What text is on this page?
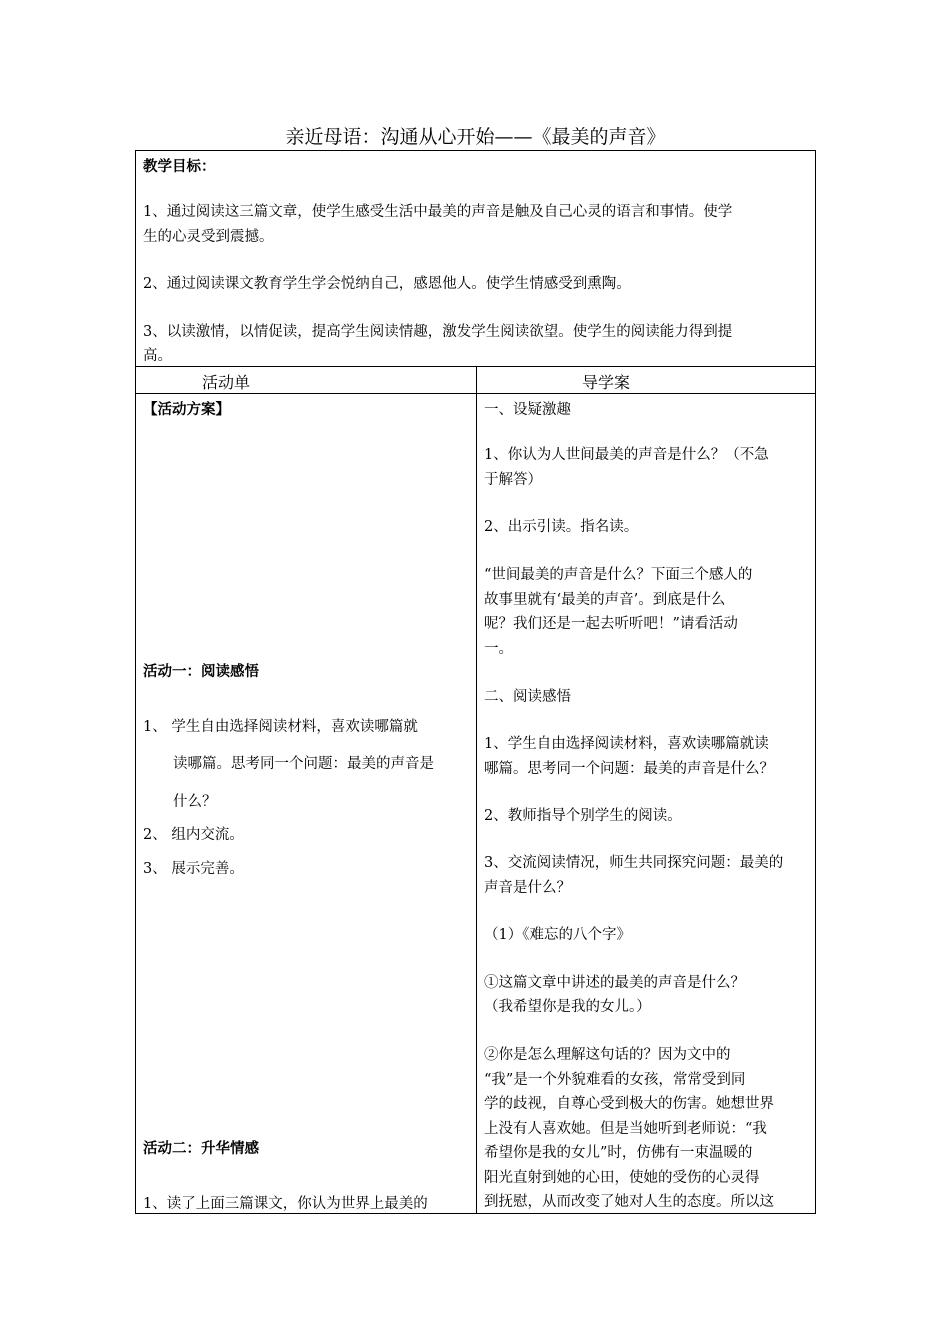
亲近母语：沟通从心开始——《最美的声音》
教学目标：
1、通过阅读这三篇文章，使学生感受生活中最美的声音是触及自己心灵的语言和事情。使学
生的心灵受到震撼。
2、通过阅读课文教育学生学会悦纳自己，感恩他人。使学生情感受到熏陶。
3、以读激情，以情促读，提高学生阅读情趣，激发学生阅读欲望。使学生的阅读能力得到提
高。
活动单	导学案
【活动方案】
活动一：阅读感悟
1、 学生自由选择阅读材料，喜欢读哪篇就
读哪篇。思考同一个问题：最美的声音是
什么？
2、 组内交流。
3、 展示完善。
活动二：升华情感
1、读了上面三篇课文，你认为世界上最美的
一、设疑激趣
1、你认为人世间最美的声音是什么？（不急
于解答）
2、出示引读。指名读。
“世间最美的声音是什么？下面三个感人的
故事里就有‘最美的声音’。到底是什么
呢？我们还是一起去听听吧！”请看活动
一。
二、阅读感悟
1、学生自由选择阅读材料，喜欢读哪篇就读
哪篇。思考同一个问题：最美的声音是什么？
2、教师指导个别学生的阅读。
3、交流阅读情况，师生共同探究问题：最美的
声音是什么？
（1）《难忘的八个字》
①这篇文章中讲述的最美的声音是什么？
（我希望你是我的女儿。）
②你是怎么理解这句话的？因为文中的
“我”是一个外貌难看的女孩，常常受到同
学的歧视，自尊心受到极大的伤害。她想世界
上没有人喜欢她。但是当她听到老师说：“我
希望你是我的女儿”时，仿佛有一束温暖的
阳光直射到她的心田，使她的受伤的心灵得
到抚慰，从而改变了她对人生的态度。所以这
